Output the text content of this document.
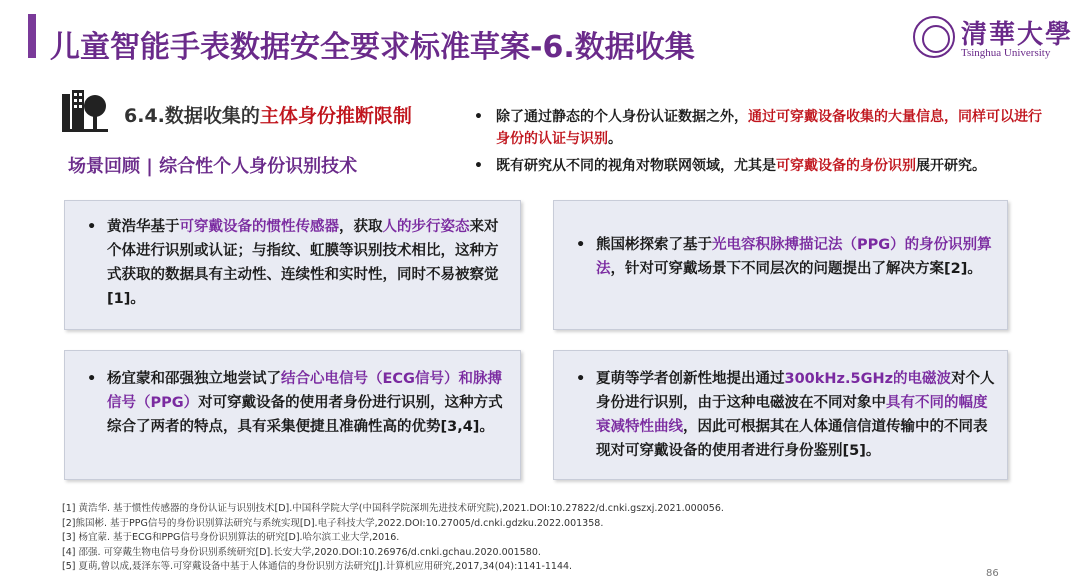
儿童智能手表数据安全要求标准草案-6.数据收集	清華大學
Tsinghua University
6.4.数据收集的主体身份推断限制
场景回顾 | 综合性个人身份识别技术
• 除了通过静态的个人身份认证数据之外，通过可穿戴设备收集的大量信息，同样可以进行身份的认证与识别。
• 既有研究从不同的视角对物联网领域，尤其是可穿戴设备的身份识别展开研究。
• 黄浩华基于可穿戴设备的惯性传感器，获取人的步行姿态来对个体进行识别或认证；与指纹、虹膜等识别技术相比，这种方式获取的数据具有主动性、连续性和实时性，同时不易被察觉[1]。
• 熊国彬探索了基于光电容积脉搏描记法（PPG）的身份识别算法，针对可穿戴场景下不同层次的问题提出了解决方案[2]。
• 杨宜蒙和邵强独立地尝试了结合心电信号（ECG信号）和脉搏信号（PPG）对可穿戴设备的使用者身份进行识别，这种方式综合了两者的特点，具有采集便捷且准确性高的优势[3,4]。
• 夏萌等学者创新性地提出通过300kHz.5GHz的电磁波对个人身份进行识别，由于这种电磁波在不同对象中具有不同的幅度衰减特性曲线，因此可根据其在人体通信信道传输中的不同表现对可穿戴设备的使用者进行身份鉴别[5]。
[1] 黄浩华. 基于惯性传感器的身份认证与识别技术[D].中国科学院大学(中国科学院深圳先进技术研究院),2021.DOI:10.27822/d.cnki.gszxj.2021.000056.
[2]熊国彬. 基于PPG信号的身份识别算法研究与系统实现[D].电子科技大学,2022.DOI:10.27005/d.cnki.gdzku.2022.001358.
[3] 杨宜蒙. 基于ECG和PPG信号身份识别算法的研究[D].哈尔滨工业大学,2016.
[4] 邵强. 可穿戴生物电信号身份识别系统研究[D].长安大学,2020.DOI:10.26976/d.cnki.gchau.2020.001580.
[5] 夏萌,曾以成,聂泽东等.可穿戴设备中基于人体通信的身份识别方法研究[J].计算机应用研究,2017,34(04):1141-1144.
86
